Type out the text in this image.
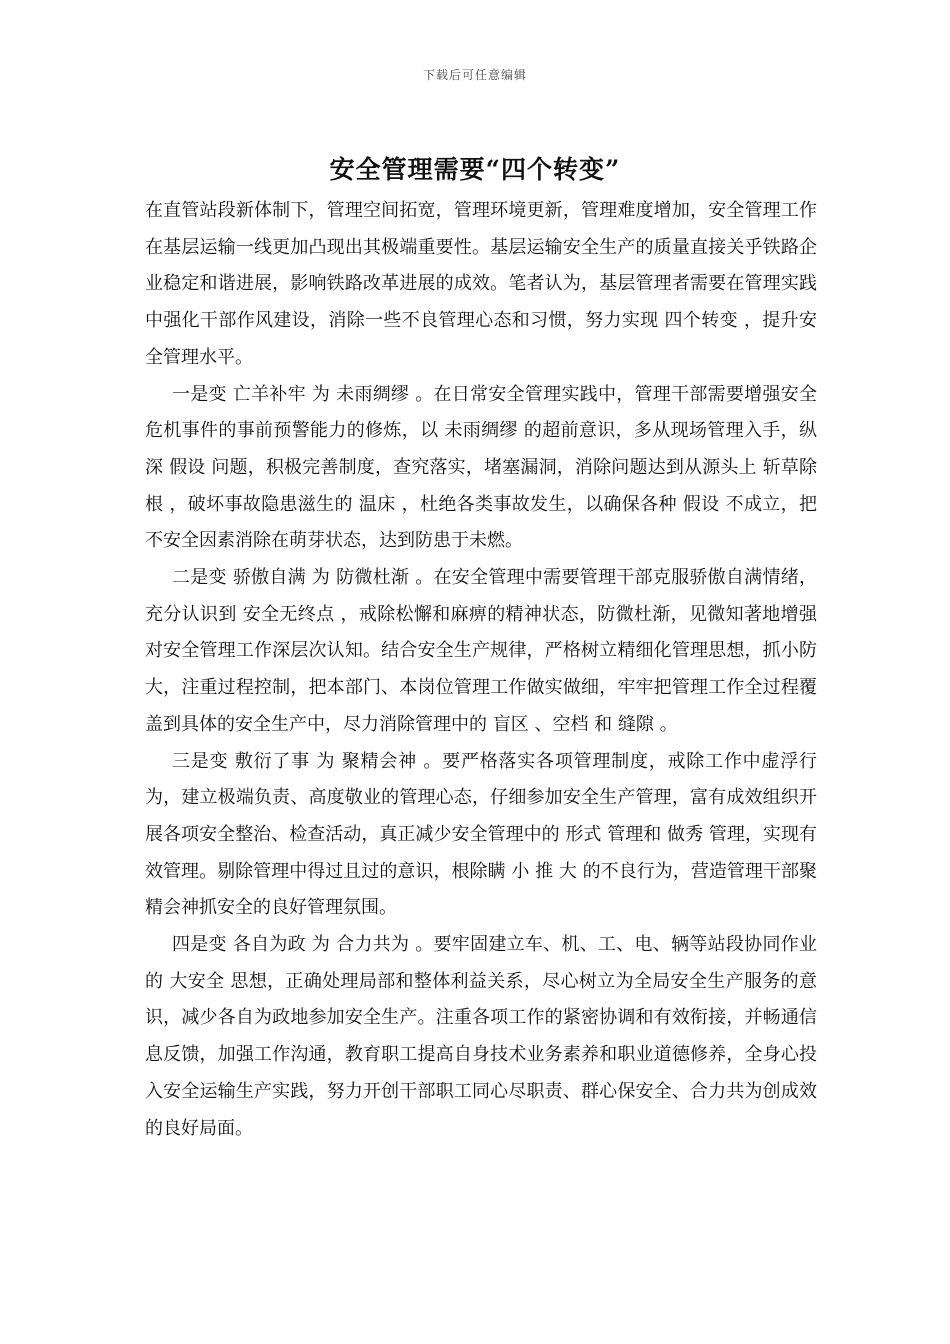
下载后可任意编辑
安全管理需要“四个转变”

在直管站段新体制下，管理空间拓宽，管理环境更新，管理难度增加，安全管理工作在基层运输一线更加凸现出其极端重要性。基层运输安全生产的质量直接关乎铁路企业稳定和谐进展，影响铁路改革进展的成效。笔者认为，基层管理者需要在管理实践中强化干部作风建设，消除一些不良管理心态和习惯，努力实现 四个转变 ，提升安全管理水平。

一是变 亡羊补牢 为 未雨绸缪 。在日常安全管理实践中，管理干部需要增强安全危机事件的事前预警能力的修炼，以 未雨绸缪 的超前意识，多从现场管理入手，纵深 假设 问题，积极完善制度，查究落实，堵塞漏洞，消除问题达到从源头上 斩草除根 ，破坏事故隐患滋生的 温床 ，杜绝各类事故发生，以确保各种 假设 不成立，把不安全因素消除在萌芽状态，达到防患于未燃。

二是变 骄傲自满 为 防微杜渐 。在安全管理中需要管理干部克服骄傲自满情绪，充分认识到 安全无终点 ，戒除松懈和麻痹的精神状态，防微杜渐，见微知著地增强对安全管理工作深层次认知。结合安全生产规律，严格树立精细化管理思想，抓小防大，注重过程控制，把本部门、本岗位管理工作做实做细，牢牢把管理工作全过程覆盖到具体的安全生产中，尽力消除管理中的 盲区 、空档 和 缝隙 。

三是变 敷衍了事 为 聚精会神 。要严格落实各项管理制度，戒除工作中虚浮行为，建立极端负责、高度敬业的管理心态，仔细参加安全生产管理，富有成效组织开展各项安全整治、检查活动，真正减少安全管理中的 形式 管理和 做秀 管理，实现有效管理。剔除管理中得过且过的意识，根除瞒 小 推 大 的不良行为，营造管理干部聚精会神抓安全的良好管理氛围。

四是变 各自为政 为 合力共为 。要牢固建立车、机、工、电、辆等站段协同作业的 大安全 思想，正确处理局部和整体利益关系，尽心树立为全局安全生产服务的意识，减少各自为政地参加安全生产。注重各项工作的紧密协调和有效衔接，并畅通信息反馈，加强工作沟通，教育职工提高自身技术业务素养和职业道德修养，全身心投入安全运输生产实践，努力开创干部职工同心尽职责、群心保安全、合力共为创成效的良好局面。
